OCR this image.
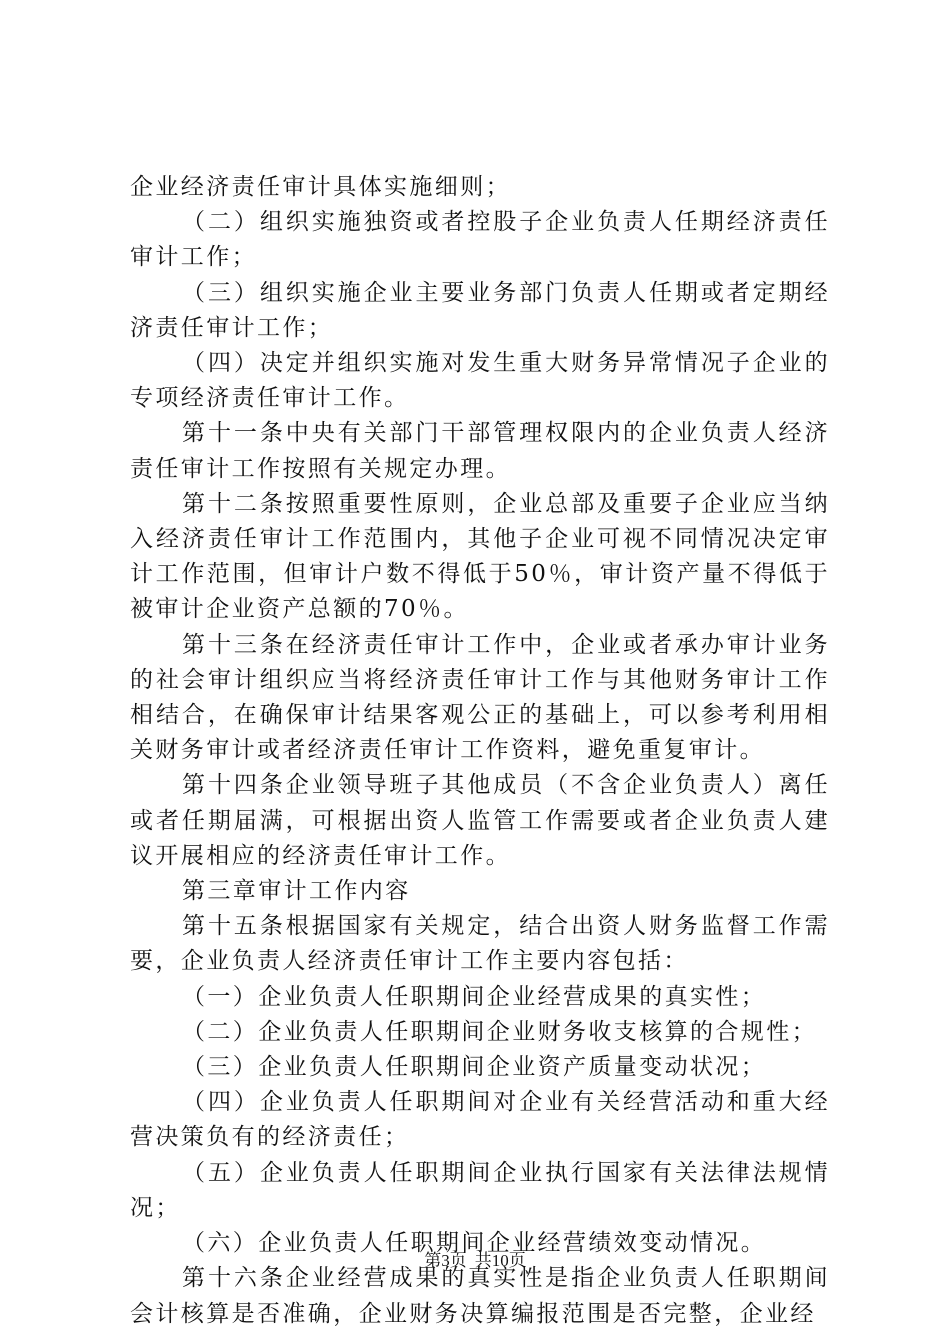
企业经济责任审计具体实施细则；

（二）组织实施独资或者控股子企业负责人任期经济责任审计工作；

（三）组织实施企业主要业务部门负责人任期或者定期经济责任审计工作；

（四）决定并组织实施对发生重大财务异常情况子企业的专项经济责任审计工作。

第十一条中央有关部门干部管理权限内的企业负责人经济责任审计工作按照有关规定办理。

第十二条按照重要性原则，企业总部及重要子企业应当纳入经济责任审计工作范围内，其他子企业可视不同情况决定审计工作范围，但审计户数不得低于50％，审计资产量不得低于被审计企业资产总额的70％。

第十三条在经济责任审计工作中，企业或者承办审计业务的社会审计组织应当将经济责任审计工作与其他财务审计工作相结合，在确保审计结果客观公正的基础上，可以参考利用相关财务审计或者经济责任审计工作资料，避免重复审计。

第十四条企业领导班子其他成员（不含企业负责人）离任或者任期届满，可根据出资人监管工作需要或者企业负责人建议开展相应的经济责任审计工作。

第三章审计工作内容

第十五条根据国家有关规定，结合出资人财务监督工作需要，企业负责人经济责任审计工作主要内容包括：

（一）企业负责人任职期间企业经营成果的真实性；

（二）企业负责人任职期间企业财务收支核算的合规性；

（三）企业负责人任职期间企业资产质量变动状况；

（四）企业负责人任职期间对企业有关经营活动和重大经营决策负有的经济责任；

（五）企业负责人任职期间企业执行国家有关法律法规情况；

（六）企业负责人任职期间企业经营绩效变动情况。

第十六条企业经营成果的真实性是指企业负责人任职期间会计核算是否准确，企业财务决算编报范围是否完整，企业经

第3页 共10页
